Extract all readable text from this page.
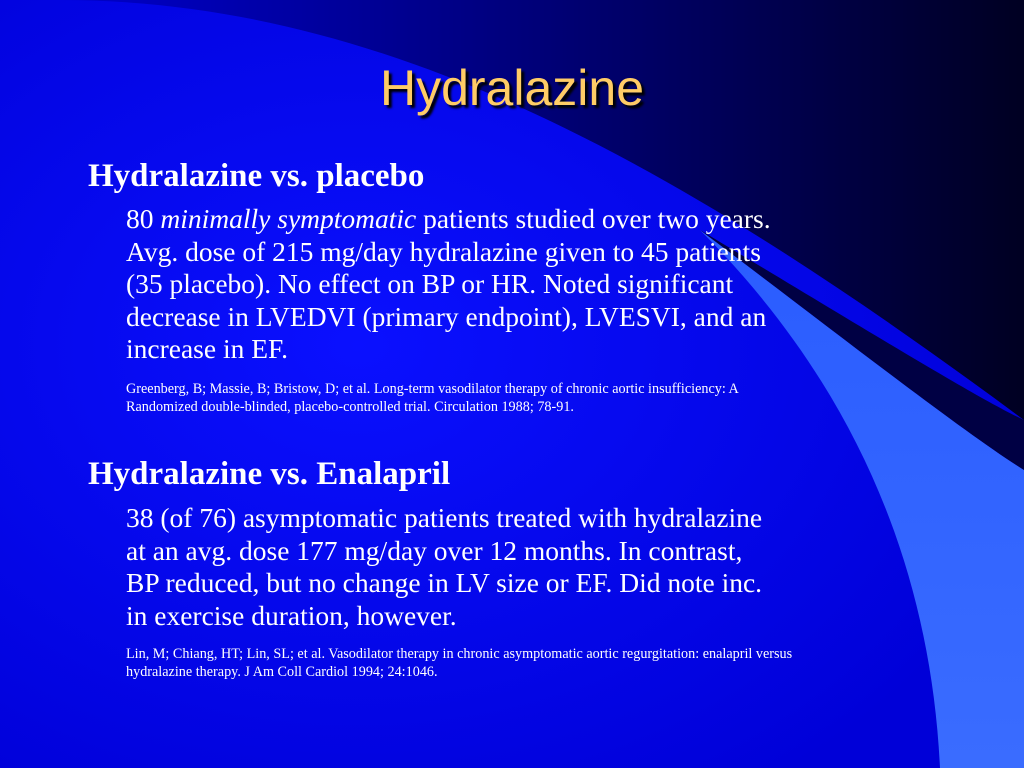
Hydralazine
Hydralazine vs. placebo
80 minimally symptomatic patients studied over two years.
Avg. dose of 215 mg/day hydralazine given to 45 patients
(35 placebo). No effect on BP or HR. Noted significant
decrease in LVEDVI (primary endpoint), LVESVI, and an
increase in EF.
Greenberg, B; Massie, B; Bristow, D; et al. Long-term vasodilator therapy of chronic aortic insufficiency: A
Randomized double-blinded, placebo-controlled trial. Circulation 1988; 78-91.
Hydralazine vs. Enalapril
38 (of 76) asymptomatic patients treated with hydralazine
at an avg. dose 177 mg/day over 12 months. In contrast,
BP reduced, but no change in LV size or EF. Did note inc.
in exercise duration, however.
Lin, M; Chiang, HT; Lin, SL; et al. Vasodilator therapy in chronic asymptomatic aortic regurgitation: enalapril versus
hydralazine therapy. J Am Coll Cardiol 1994; 24:1046.
